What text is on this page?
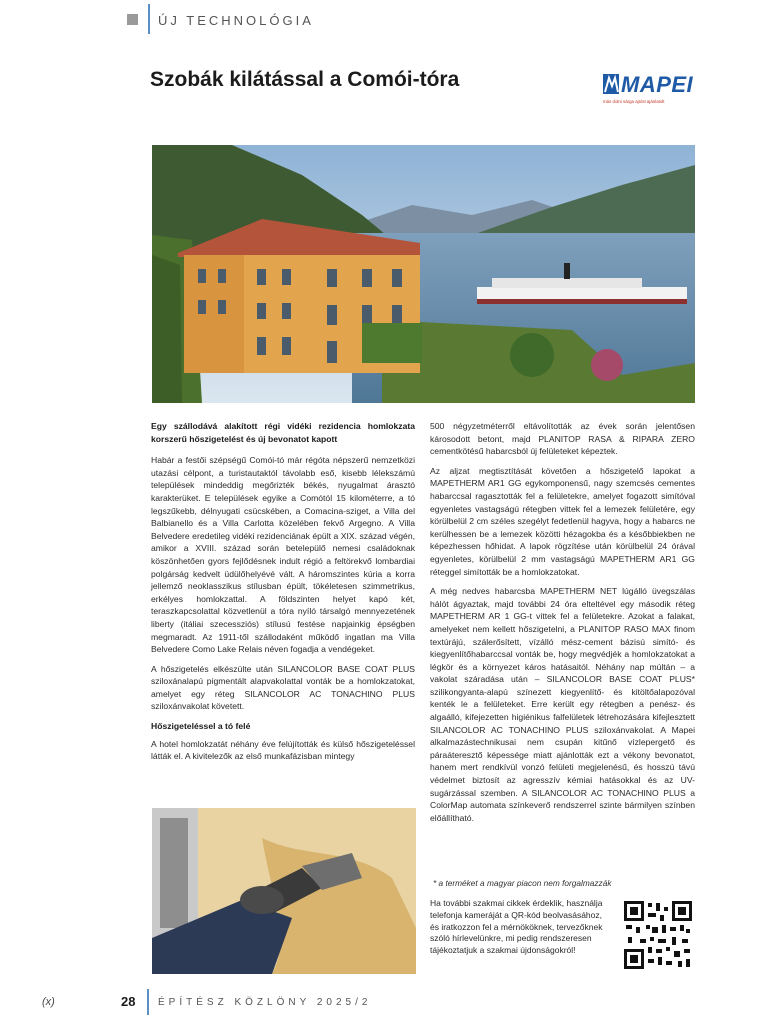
ÚJ TECHNOLÓGIA
Szobák kilátással a Comói-tóra	MAPEI
más dolni sárga ajtóst ajánlatolt

Egy szállodává alakított régi vidéki rezidencia homlokzata korszerű hőszigetelést és új bevonatot kapott

Habár a festői szépségű Comói-tó már régóta népszerű nemzetközi utazási célpont, a turistautaktól távolabb eső, kisebb lélekszámú települések mindeddig megőrizték békés, nyugalmat árasztó karakterüket. E települések egyike a Comótól 15 kilométerre, a tó legszűkebb, délnyugati csücskében, a Comacina-sziget, a Villa del Balbianello és a Villa Carlotta közelében fekvő Argegno. A Villa Belvedere eredetileg vidéki rezidenciának épült a XIX. század végén, amikor a XVIII. század során betelepülő nemesi családoknak köszönhetően gyors fejlődésnek indult régió a feltörekvő lombardiai polgárság kedvelt üdülőhelyévé vált. A háromszintes kúria a korra jellemző neoklasszikus stílusban épült, tökéletesen szimmetrikus, erkélyes homlokzattal. A földszinten helyet kapó két, teraszkapcsolattal közvetlenül a tóra nyíló társalgó mennyezetének liberty (itáliai szecessziós) stílusú festése napjainkig épségben megmaradt. Az 1911-től szállodaként működő ingatlan ma Villa Belvedere Como Lake Relais néven fogadja a vendégeket.

A hőszigetelés elkészülte után SILANCOLOR BASE COAT PLUS sziloxánalapú pigmentált alapvakolattal vonták be a homlokzatokat, amelyet egy réteg SILANCOLOR AC TONACHINO PLUS sziloxánvakolat követett.

Hőszigeteléssel a tó felé

A hotel homlokzatát néhány éve felújították és külső hőszigeteléssel látták el. A kivitelezők az első munkafázisban mintegy

500 négyzetméterről eltávolították az évek során jelentősen károsodott betont, majd PLANITOP RASA & RIPARA ZERO cementkötésű habarcsból új felületeket képeztek.

Az aljzat megtisztítását követően a hőszigetelő lapokat a MAPETHERM AR1 GG egykomponensű, nagy szemcsés cementes habarccsal ragasztották fel a felületekre, amelyet fogazott simítóval egyenletes vastagságú rétegben vittek fel a lemezek felületére, egy körülbelül 2 cm széles szegélyt fedetlenül hagyva, hogy a habarcs ne kerülhessen be a lemezek közötti hézagokba és a későbbiekben ne képezhessen hőhidat. A lapok rögzítése után körülbelül 24 órával egyenletes, körülbelül 2 mm vastagságú MAPETHERM AR1 GG réteggel simították be a homlokzatokat.

A még nedves habarcsba MAPETHERM NET lúgálló üvegszálas hálót ágyaztak, majd további 24 óra elteltével egy második réteg MAPETHERM AR 1 GG-t vittek fel a felületekre. Azokat a falakat, amelyeket nem kellett hőszigetelni, a PLANITOP RASO MAX finom textúrájú, szálerősített, vízálló mész-cement bázisú simító- és kiegyenlítőhabarccsal vonták be, hogy megvédjék a homlokzatokat a légkör és a környezet káros hatásaitól. Néhány nap múltán – a vakolat száradása után – SILANCOLOR BASE COAT PLUS* szilikongyanta-alapú színezett kiegyenlítő- és kitöltőalapozóval kenték le a felületeket. Erre került egy rétegben a penész- és algaálló, kifejezetten higiénikus falfelületek létrehozására kifejlesztett SILANCOLOR AC TONACHINO PLUS sziloxánvakolat. A Mapei alkalmazástechnikusai nem csupán kitűnő vízlepergető és páraáteresztő képessége miatt ajánlották ezt a vékony bevonatot, hanem mert rendkívül vonzó felületi megjelenésű, és hosszú távú védelmet biztosít az agresszív kémiai hatásokkal és az UV-sugárzással szemben. A SILANCOLOR AC TONACHINO PLUS a ColorMap automata színkeverő rendszerrel szinte bármilyen színben előállítható.

* a terméket a magyar piacon nem forgalmazzák
Ha további szakmai cikkek érdeklik, használja telefonja kameráját a QR-kód beolvasásához, és iratkozzon fel a mérnököknek, tervezőknek szóló hírlevelünkre, mi pedig rendszeresen tájékoztatjuk a szakmai újdonságokról!
(x)	28 ÉPÍTÉSZ KÖZLÖNY 2025/2
